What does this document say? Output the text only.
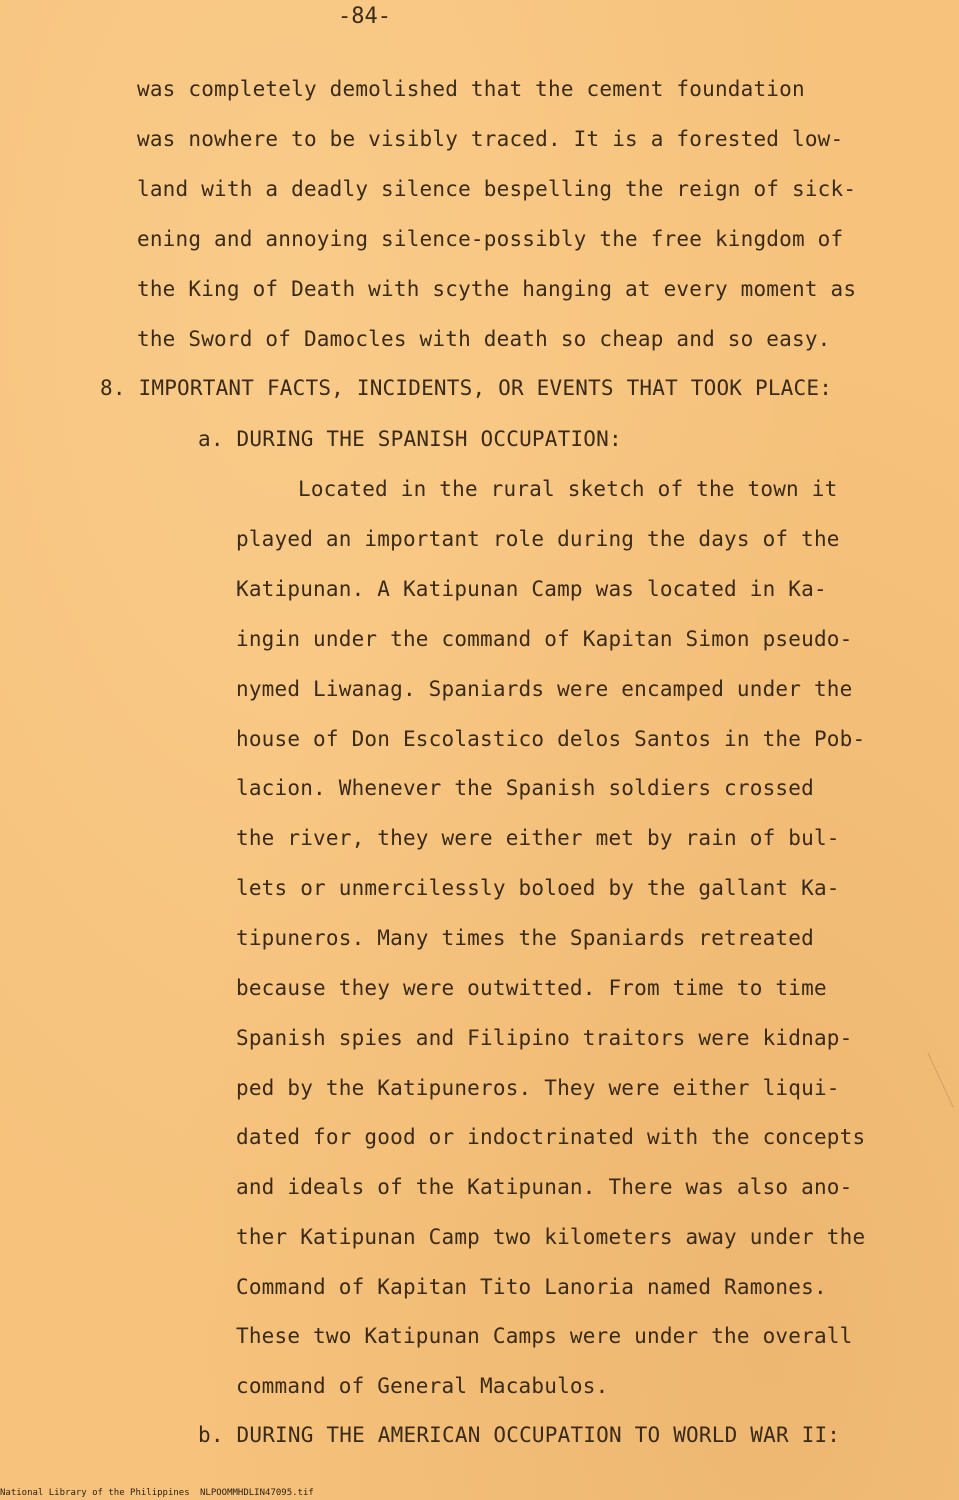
-84-
was completely demolished that the cement foundation
was nowhere to be visibly traced. It is a forested low-
land with a deadly silence bespelling the reign of sick-
ening and annoying silence-possibly the free kingdom of
the King of Death with scythe hanging at every moment as
the Sword of Damocles with death so cheap and so easy.
8. IMPORTANT FACTS, INCIDENTS, OR EVENTS THAT TOOK PLACE:
a. DURING THE SPANISH OCCUPATION:
Located in the rural sketch of the town it
played an important role during the days of the
Katipunan. A Katipunan Camp was located in Ka-
ingin under the command of Kapitan Simon pseudo-
nymed Liwanag. Spaniards were encamped under the
house of Don Escolastico delos Santos in the Pob-
lacion. Whenever the Spanish soldiers crossed
the river, they were either met by rain of bul-
lets or unmercilessly boloed by the gallant Ka-
tipuneros. Many times the Spaniards retreated
because they were outwitted. From time to time
Spanish spies and Filipino traitors were kidnap-
ped by the Katipuneros. They were either liqui-
dated for good or indoctrinated with the concepts
and ideals of the Katipunan. There was also ano-
ther Katipunan Camp two kilometers away under the
Command of Kapitan Tito Lanoria named Ramones.
These two Katipunan Camps were under the overall
command of General Macabulos.
b. DURING THE AMERICAN OCCUPATION TO WORLD WAR II:
National Library of the Philippines NLPOOMMHDLIN47095.tif
